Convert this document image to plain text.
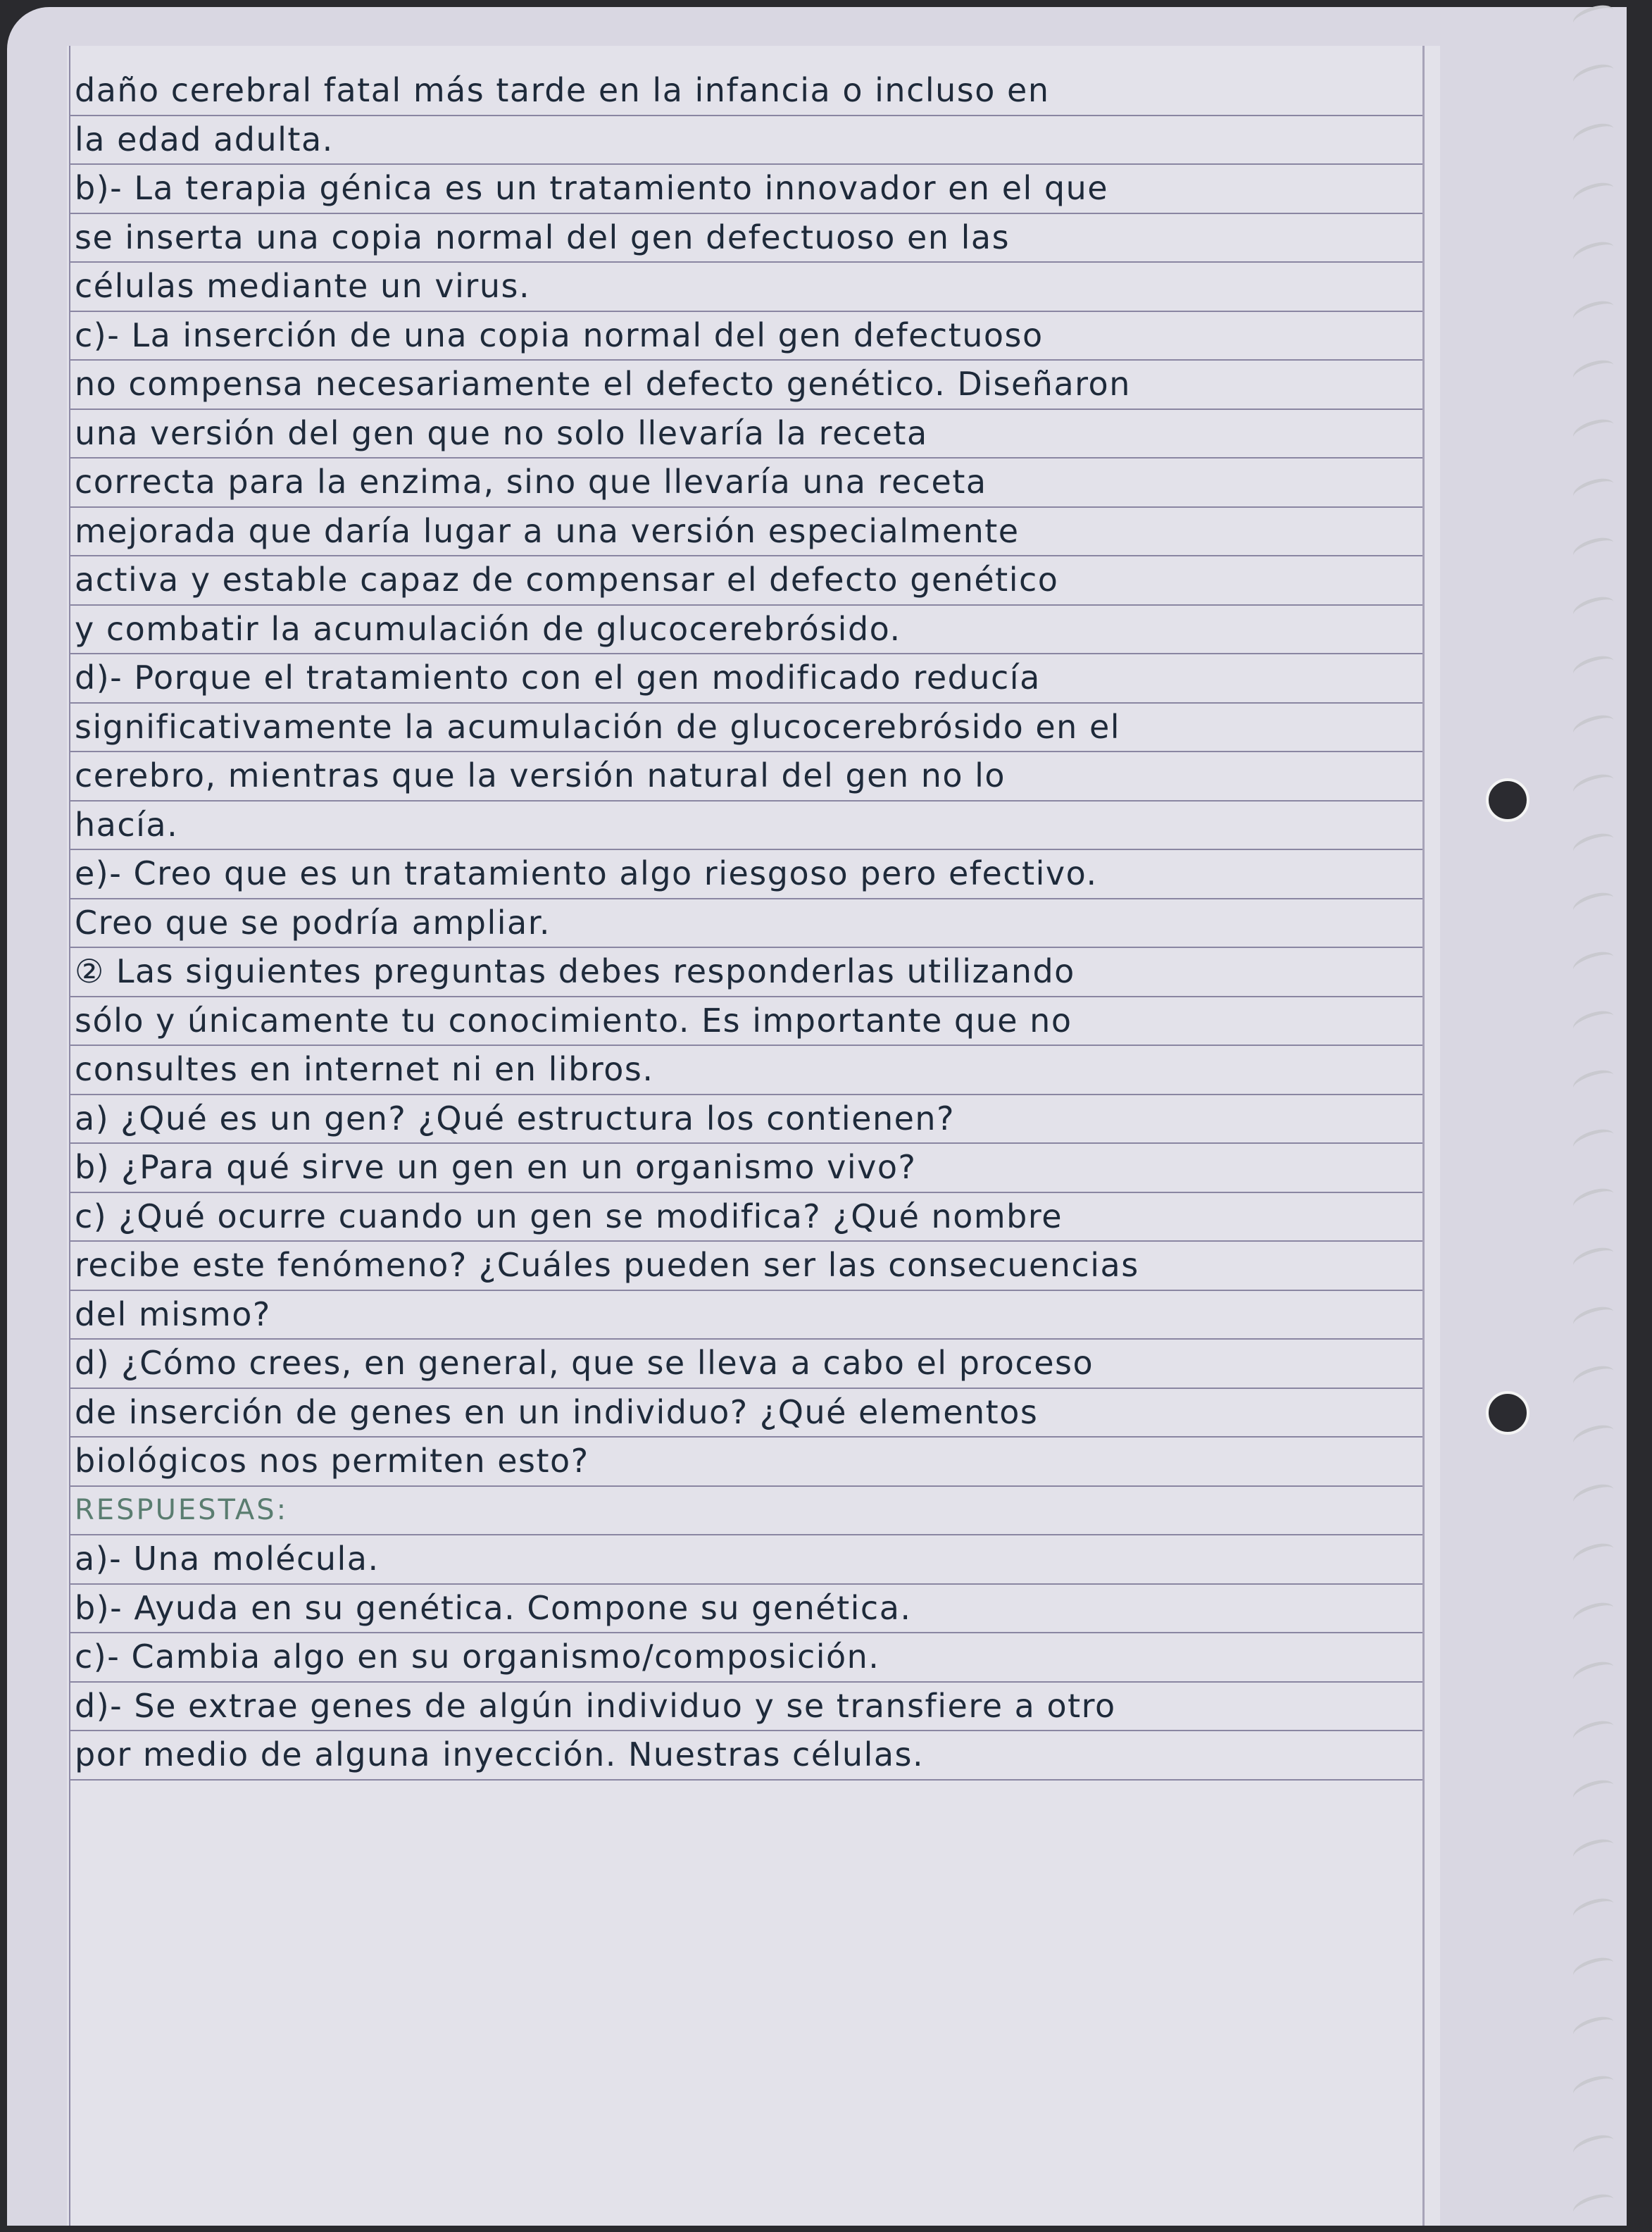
daño cerebral fatal más tarde en la infancia o incluso en
la edad adulta.
b)- La terapia génica es un tratamiento innovador en el que
se inserta una copia normal del gen defectuoso en las
células mediante un virus.
c)- La inserción de una copia normal del gen defectuoso
no compensa necesariamente el defecto genético. Diseñaron
una versión del gen que no solo llevaría la receta
correcta para la enzima, sino que llevaría una receta
mejorada que daría lugar a una versión especialmente
activa y estable capaz de compensar el defecto genético
y combatir la acumulación de glucocerebrósido.
d)- Porque el tratamiento con el gen modificado reducía
significativamente la acumulación de glucocerebrósido en el
cerebro, mientras que la versión natural del gen no lo
hacía.
e)- Creo que es un tratamiento algo riesgoso pero efectivo.
Creo que se podría ampliar.
② Las siguientes preguntas debes responderlas utilizando
sólo y únicamente tu conocimiento. Es importante que no
consultes en internet ni en libros.
a) ¿Qué es un gen? ¿Qué estructura los contienen?
b) ¿Para qué sirve un gen en un organismo vivo?
c) ¿Qué ocurre cuando un gen se modifica? ¿Qué nombre
recibe este fenómeno? ¿Cuáles pueden ser las consecuencias
del mismo?
d) ¿Cómo crees, en general, que se lleva a cabo el proceso
de inserción de genes en un individuo? ¿Qué elementos
biológicos nos permiten esto?
RESPUESTAS:
a)- Una molécula.
b)- Ayuda en su genética. Compone su genética.
c)- Cambia algo en su organismo/composición.
d)- Se extrae genes de algún individuo y se transfiere a otro
por medio de alguna inyección. Nuestras células.
